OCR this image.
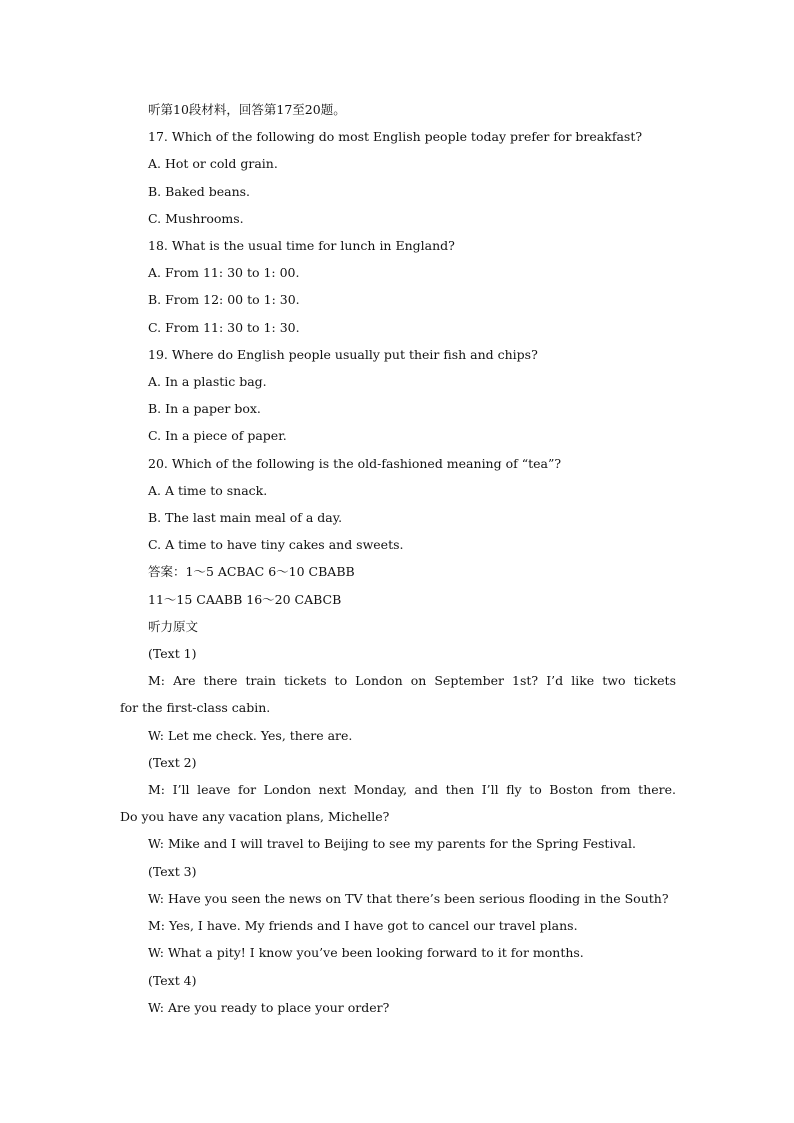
听第10段材料，回答第17至20题。
17. Which of the following do most English people today prefer for breakfast?
A. Hot or cold grain.
B. Baked beans.
C. Mushrooms.
18. What is the usual time for lunch in England?
A. From 11: 30 to 1: 00.
B. From 12: 00 to 1: 30.
C. From 11: 30 to 1: 30.
19. Where do English people usually put their fish and chips?
A. In a plastic bag.
B. In a paper box.
C. In a piece of paper.
20. Which of the following is the old-fashioned meaning of “tea”?
A. A time to snack.
B. The last main meal of a day.
C. A time to have tiny cakes and sweets.
答案：1～5 ACBAC 6～10 CBABB
11～15 CAABB 16～20 CABCB
听力原文
(Text 1)
M: Are there train tickets to London on September 1st? I’d like two tickets
for the first-class cabin.
W: Let me check. Yes, there are.
(Text 2)
M: I’ll leave for London next Monday, and then I’ll fly to Boston from there.
Do you have any vacation plans, Michelle?
W: Mike and I will travel to Beijing to see my parents for the Spring Festival.
(Text 3)
W: Have you seen the news on TV that there’s been serious flooding in the South?
M: Yes, I have. My friends and I have got to cancel our travel plans.
W: What a pity! I know you’ve been looking forward to it for months.
(Text 4)
W: Are you ready to place your order?
